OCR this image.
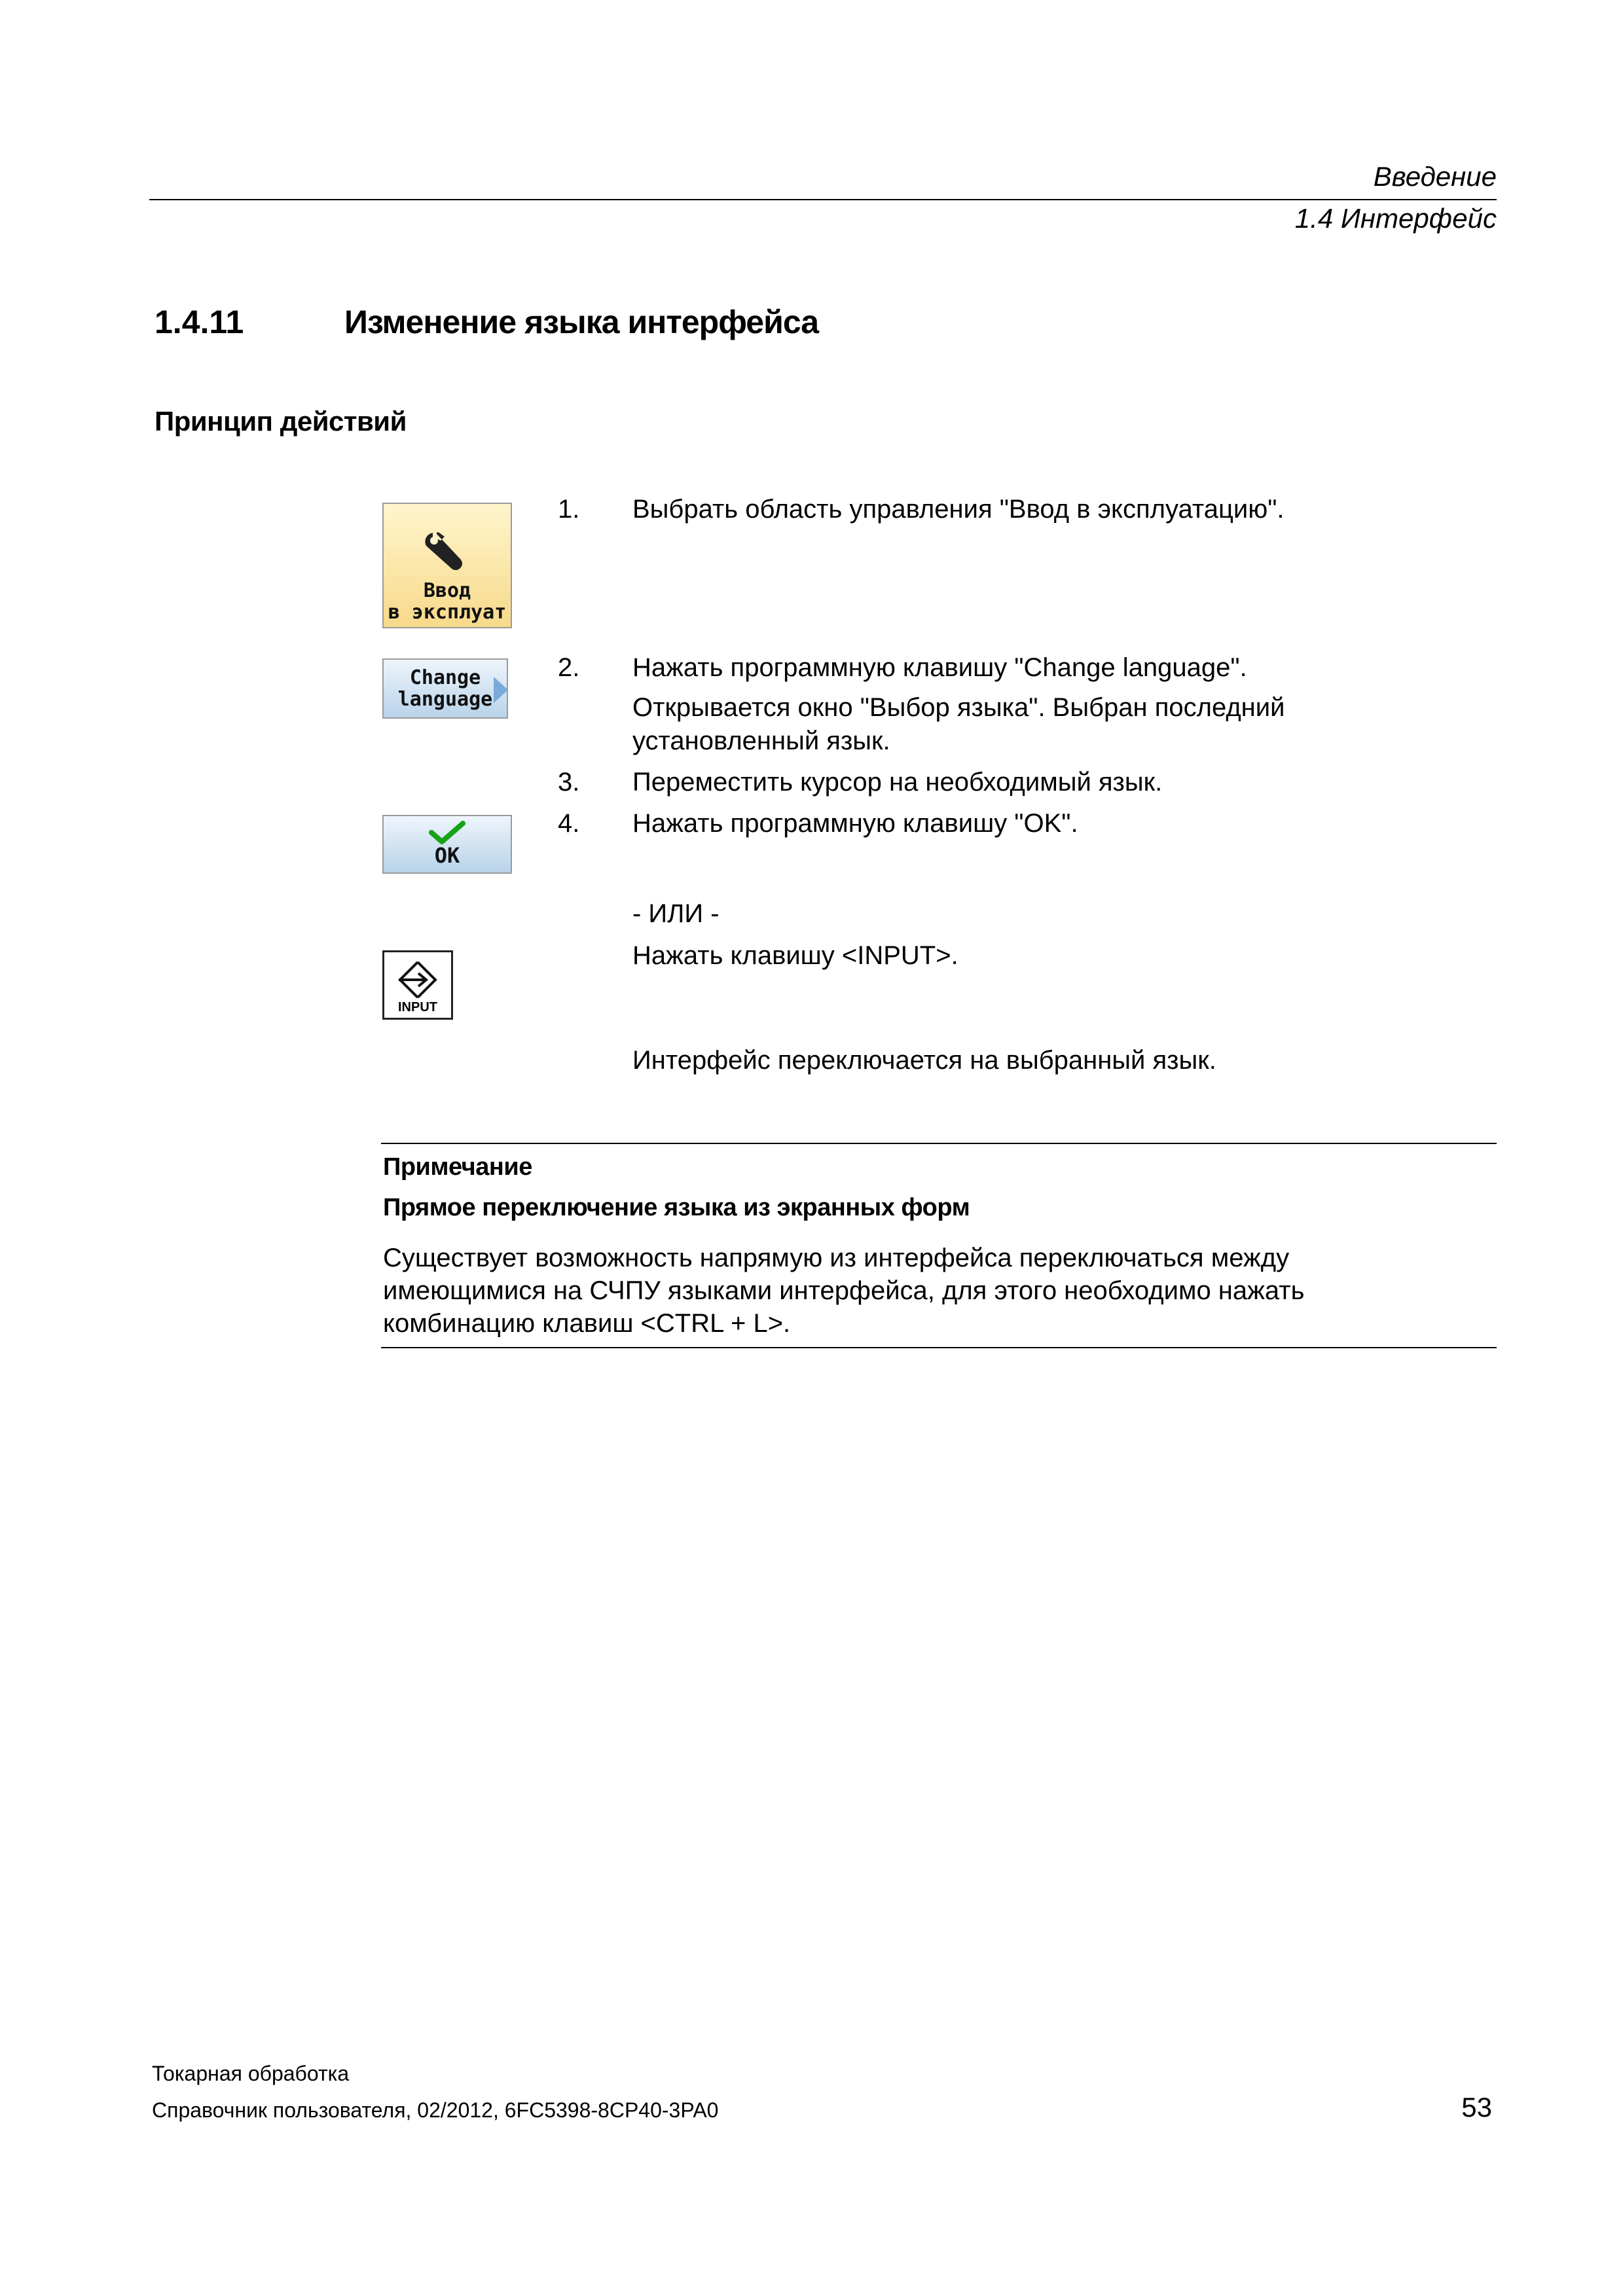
Введение
1.4 Интерфейс
1.4.11	Изменение языка интерфейса
Принцип действий
Ввод
в эксплуат
Change
language
OK
INPUT
1. Выбрать область управления "Ввод в эксплуатацию".
2. Нажать программную клавишу "Change language".
Открывается окно "Выбор языка". Выбран последний
установленный язык.
3. Переместить курсор на необходимый язык.
4. Нажать программную клавишу "OK".
- ИЛИ -
Нажать клавишу <INPUT>.
Интерфейс переключается на выбранный язык.
Примечание
Прямое переключение языка из экранных форм
Существует возможность напрямую из интерфейса переключаться между
имеющимися на СЧПУ языками интерфейса, для этого необходимо нажать
комбинацию клавиш <CTRL + L>.
Токарная обработка
Справочник пользователя, 02/2012, 6FC5398-8CP40-3PA0	53
